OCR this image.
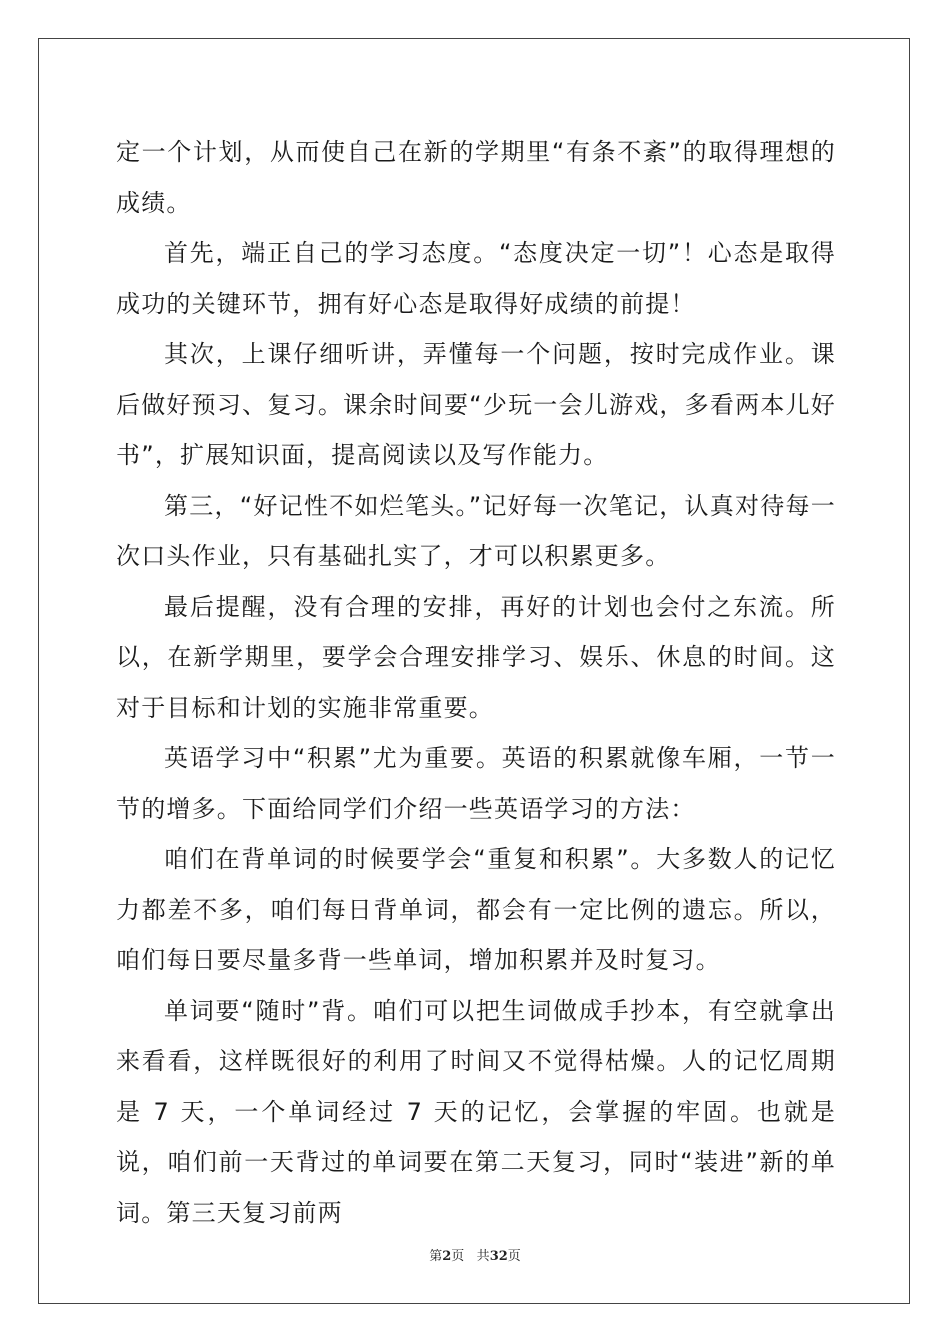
定一个计划，从而使自己在新的学期里“有条不紊”的取得理想的成绩。

首先，端正自己的学习态度。“态度决定一切”！心态是取得成功的关键环节，拥有好心态是取得好成绩的前提！

其次，上课仔细听讲，弄懂每一个问题，按时完成作业。课后做好预习、复习。课余时间要“少玩一会儿游戏，多看两本儿好书”，扩展知识面，提高阅读以及写作能力。

第三，“好记性不如烂笔头。”记好每一次笔记，认真对待每一次口头作业，只有基础扎实了，才可以积累更多。

最后提醒，没有合理的安排，再好的计划也会付之东流。所以，在新学期里，要学会合理安排学习、娱乐、休息的时间。这对于目标和计划的实施非常重要。

英语学习中“积累”尤为重要。英语的积累就像车厢，一节一节的增多。下面给同学们介绍一些英语学习的方法：

咱们在背单词的时候要学会“重复和积累”。大多数人的记忆力都差不多，咱们每日背单词，都会有一定比例的遗忘。所以，咱们每日要尽量多背一些单词，增加积累并及时复习。

单词要“随时”背。咱们可以把生词做成手抄本，有空就拿出来看看，这样既很好的利用了时间又不觉得枯燥。人的记忆周期是 7 天，一个单词经过 7 天的记忆，会掌握的牢固。也就是说，咱们前一天背过的单词要在第二天复习，同时“装进”新的单词。第三天复习前两

第2页 共32页
